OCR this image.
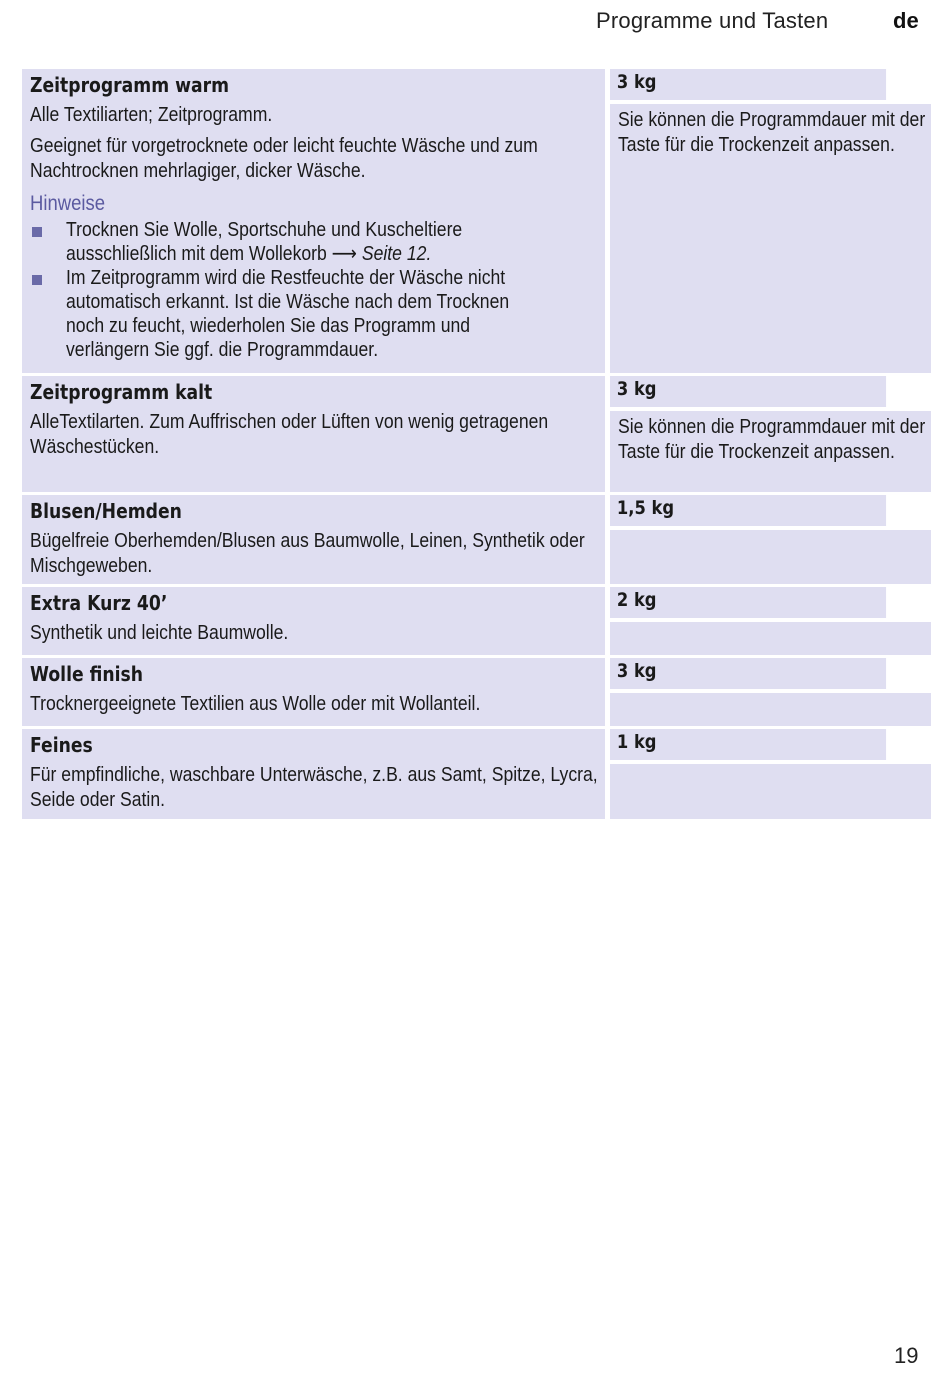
Programme und Tasten	de
Zeitprogramm warm
Alle Textiliarten; Zeitprogramm.
Geeignet für vorgetrocknete oder leicht feuchte Wäsche und zum Nachtrocknen mehrlagiger, dicker Wäsche.
Hinweise
Trocknen Sie Wolle, Sportschuhe und Kuscheltiere ausschließlich mit dem Wollekorb ⟶ Seite 12.
Im Zeitprogramm wird die Restfeuchte der Wäsche nicht automatisch erkannt. Ist die Wäsche nach dem Trocknen noch zu feucht, wiederholen Sie das Programm und verlängern Sie ggf. die Programmdauer.
3 kg
Sie können die Programmdauer mit der Taste für die Trockenzeit anpassen.
Zeitprogramm kalt
AlleTextilarten. Zum Auffrischen oder Lüften von wenig getragenen Wäschestücken.
3 kg
Sie können die Programmdauer mit der Taste für die Trockenzeit anpassen.
Blusen/Hemden
Bügelfreie Oberhemden/Blusen aus Baumwolle, Leinen, Synthetik oder Mischgeweben.
1,5 kg
Extra Kurz 40’
Synthetik und leichte Baumwolle.
2 kg
Wolle finish
Trocknergeeignete Textilien aus Wolle oder mit Wollanteil.
3 kg
Feines
Für empfindliche, waschbare Unterwäsche, z.B. aus Samt, Spitze, Lycra, Seide oder Satin.
1 kg
19
